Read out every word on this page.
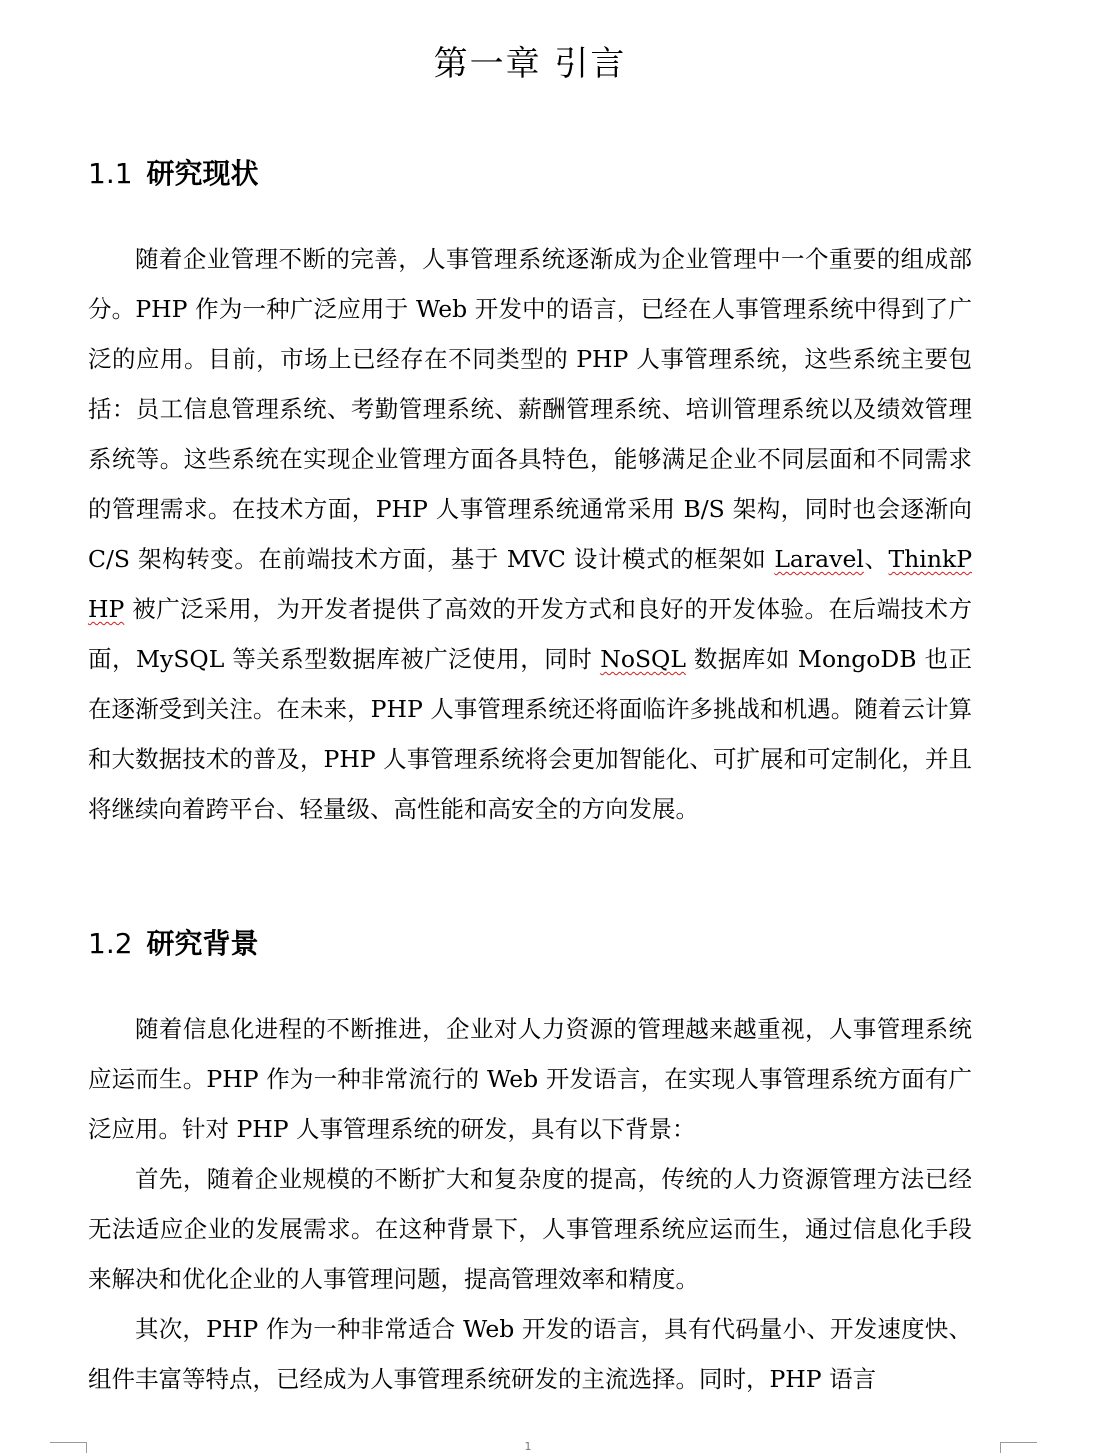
第一章 引言
1.1 研究现状

随着企业管理不断的完善，人事管理系统逐渐成为企业管理中一个重要的组成部分。PHP 作为一种广泛应用于 Web 开发中的语言，已经在人事管理系统中得到了广泛的应用。目前，市场上已经存在不同类型的 PHP 人事管理系统，这些系统主要包括：员工信息管理系统、考勤管理系统、薪酬管理系统、培训管理系统以及绩效管理系统等。这些系统在实现企业管理方面各具特色，能够满足企业不同层面和不同需求的管理需求。在技术方面，PHP 人事管理系统通常采用 B/S 架构，同时也会逐渐向 C/S 架构转变。在前端技术方面，基于 MVC 设计模式的框架如 Laravel、ThinkPHP 被广泛采用，为开发者提供了高效的开发方式和良好的开发体验。在后端技术方面，MySQL 等关系型数据库被广泛使用，同时 NoSQL 数据库如 MongoDB 也正在逐渐受到关注。在未来，PHP 人事管理系统还将面临许多挑战和机遇。随着云计算和大数据技术的普及，PHP 人事管理系统将会更加智能化、可扩展和可定制化，并且将继续向着跨平台、轻量级、高性能和高安全的方向发展。

1.2 研究背景

随着信息化进程的不断推进，企业对人力资源的管理越来越重视，人事管理系统应运而生。PHP 作为一种非常流行的 Web 开发语言，在实现人事管理系统方面有广泛应用。针对 PHP 人事管理系统的研发，具有以下背景：

首先，随着企业规模的不断扩大和复杂度的提高，传统的人力资源管理方法已经无法适应企业的发展需求。在这种背景下，人事管理系统应运而生，通过信息化手段来解决和优化企业的人事管理问题，提高管理效率和精度。

其次，PHP 作为一种非常适合 Web 开发的语言，具有代码量小、开发速度快、组件丰富等特点，已经成为人事管理系统研发的主流选择。同时，PHP 语言

1
